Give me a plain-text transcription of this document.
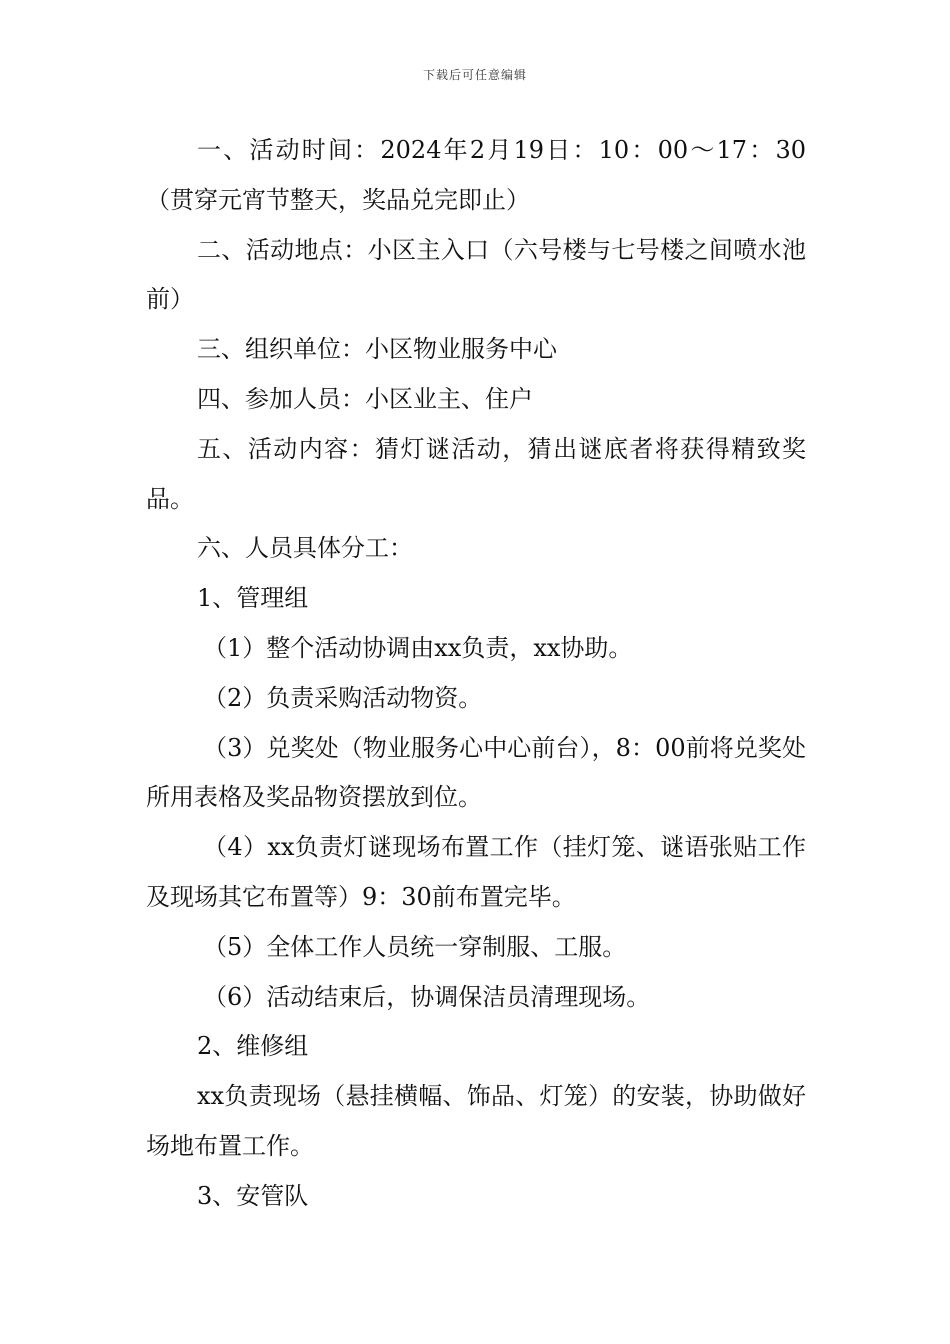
下载后可任意编辑

一、活动时间：2024年2月19日：10：00～17：30（贯穿元宵节整天，奖品兑完即止）

二、活动地点：小区主入口（六号楼与七号楼之间喷水池前）

三、组织单位：小区物业服务中心

四、参加人员：小区业主、住户

五、活动内容：猜灯谜活动，猜出谜底者将获得精致奖品。

六、人员具体分工：

1、管理组

（1）整个活动协调由xx负责，xx协助。

（2）负责采购活动物资。

（3）兑奖处（物业服务心中心前台），8：00前将兑奖处所用表格及奖品物资摆放到位。

（4）xx负责灯谜现场布置工作（挂灯笼、谜语张贴工作及现场其它布置等）9：30前布置完毕。

（5）全体工作人员统一穿制服、工服。

（6）活动结束后，协调保洁员清理现场。

2、维修组

xx负责现场（悬挂横幅、饰品、灯笼）的安装，协助做好场地布置工作。

3、安管队
